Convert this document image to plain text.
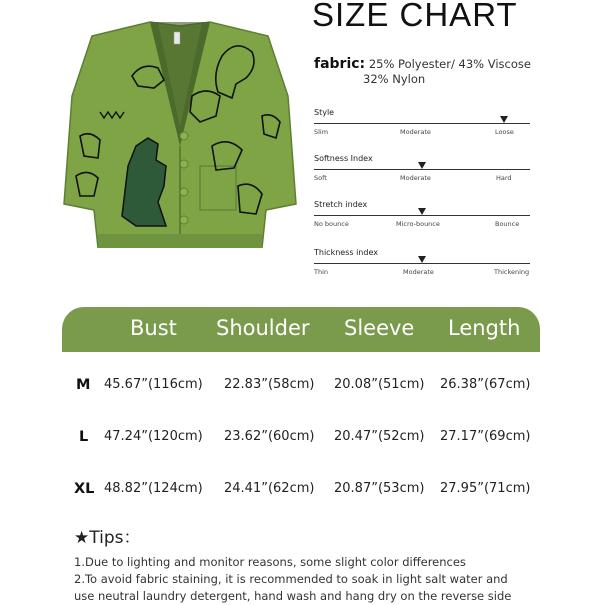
SIZE CHART
fabric: 25% Polyester/ 43% Viscose
32% Nylon
Style
Slim	Moderate	Loose
Softness Index
Soft	Moderate	Hard
Stretch index
No bounce	Micro-bounce	Bounce
Thickness index
Thin	Moderate	Thickening
Bust Shoulder Sleeve Length
M 45.67”(116cm) 22.83”(58cm) 20.08”(51cm) 26.38”(67cm)
L 47.24”(120cm) 23.62”(60cm) 20.47”(52cm) 27.17”(69cm)
XL 48.82”(124cm) 24.41”(62cm) 20.87”(53cm) 27.95”(71cm)
★Tips：
1.Due to lighting and monitor reasons, some slight color differences
2.To avoid fabric staining, it is recommended to soak in light salt water and
use neutral laundry detergent, hand wash and hang dry on the reverse side
